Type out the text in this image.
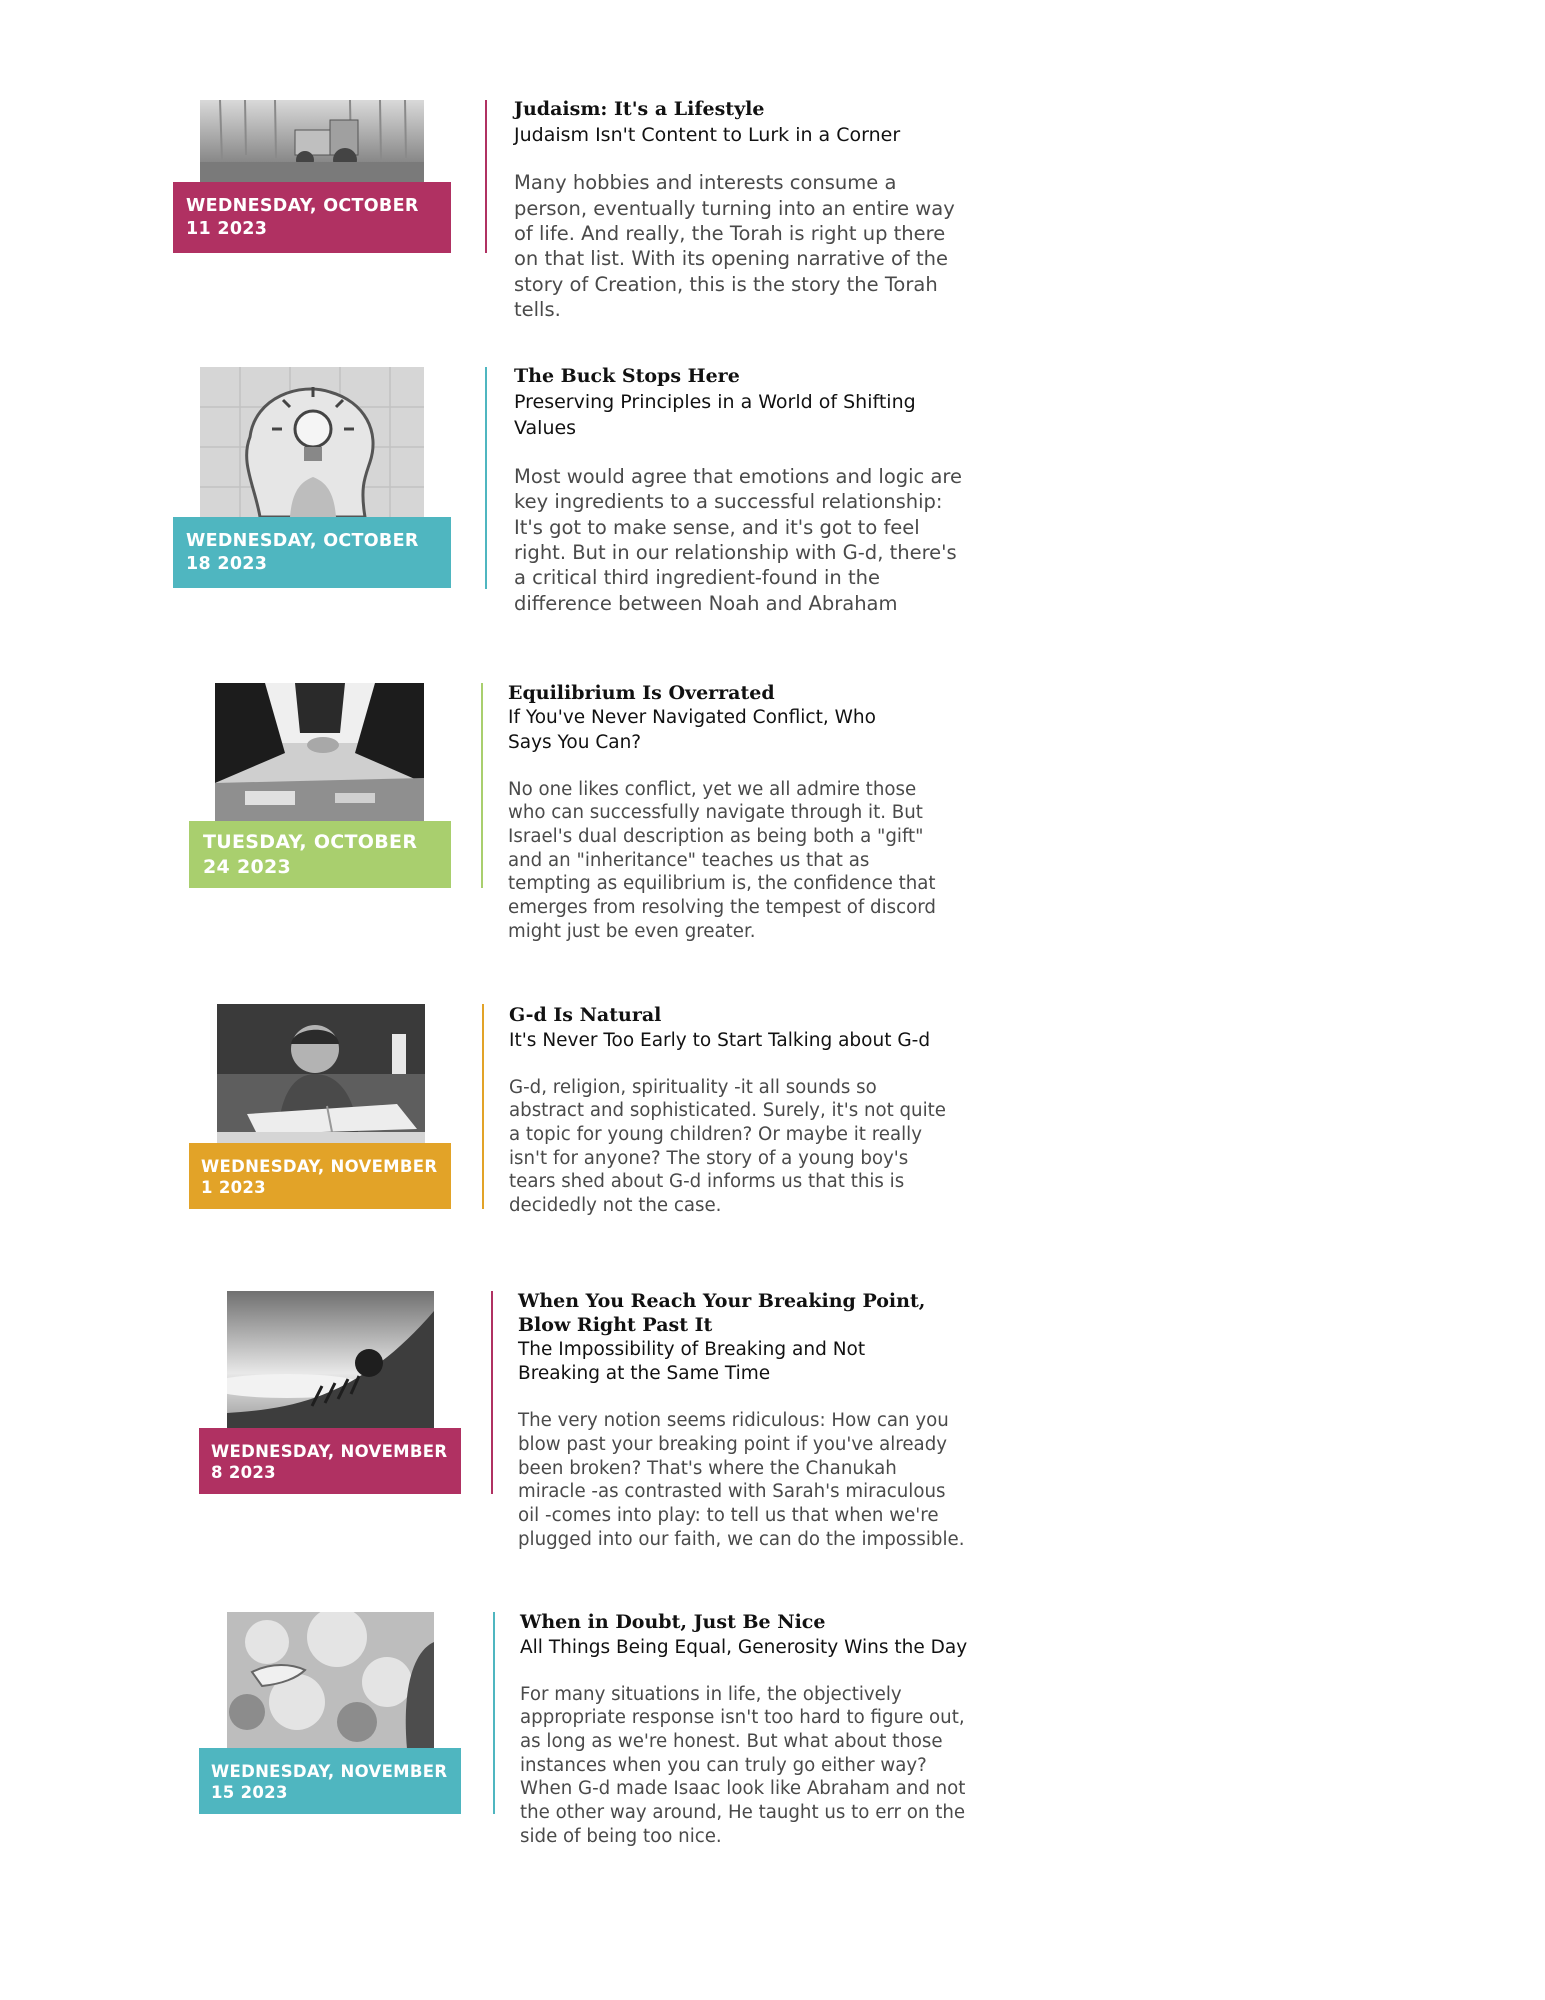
WEDNESDAY, OCTOBER 11 2023
Judaism: It's a Lifestyle
Judaism Isn't Content to Lurk in a Corner
Many hobbies and interests consume a person, eventually turning into an entire way of life. And really, the Torah is right up there on that list. With its opening narrative of the story of Creation, this is the story the Torah tells.
WEDNESDAY, OCTOBER 18 2023
The Buck Stops Here
Preserving Principles in a World of Shifting Values
Most would agree that emotions and logic are key ingredients to a successful relationship: It's got to make sense, and it's got to feel right. But in our relationship with G-d, there's a critical third ingredient-found in the difference between Noah and Abraham
TUESDAY, OCTOBER 24 2023
Equilibrium Is Overrated
If You've Never Navigated Conflict, Who Says You Can?
No one likes conflict, yet we all admire those who can successfully navigate through it. But Israel's dual description as being both a "gift" and an "inheritance" teaches us that as tempting as equilibrium is, the confidence that emerges from resolving the tempest of discord might just be even greater.
WEDNESDAY, NOVEMBER 1 2023
G-d Is Natural
It's Never Too Early to Start Talking about G-d
G-d, religion, spirituality -it all sounds so abstract and sophisticated. Surely, it's not quite a topic for young children? Or maybe it really isn't for anyone? The story of a young boy's tears shed about G-d informs us that this is decidedly not the case.
WEDNESDAY, NOVEMBER 8 2023
When You Reach Your Breaking Point, Blow Right Past It
The Impossibility of Breaking and Not Breaking at the Same Time
The very notion seems ridiculous: How can you blow past your breaking point if you've already been broken? That's where the Chanukah miracle -as contrasted with Sarah's miraculous oil -comes into play: to tell us that when we're plugged into our faith, we can do the impossible.
WEDNESDAY, NOVEMBER 15 2023
When in Doubt, Just Be Nice
All Things Being Equal, Generosity Wins the Day
For many situations in life, the objectively appropriate response isn't too hard to figure out, as long as we're honest. But what about those instances when you can truly go either way? When G-d made Isaac look like Abraham and not the other way around, He taught us to err on the side of being too nice.
